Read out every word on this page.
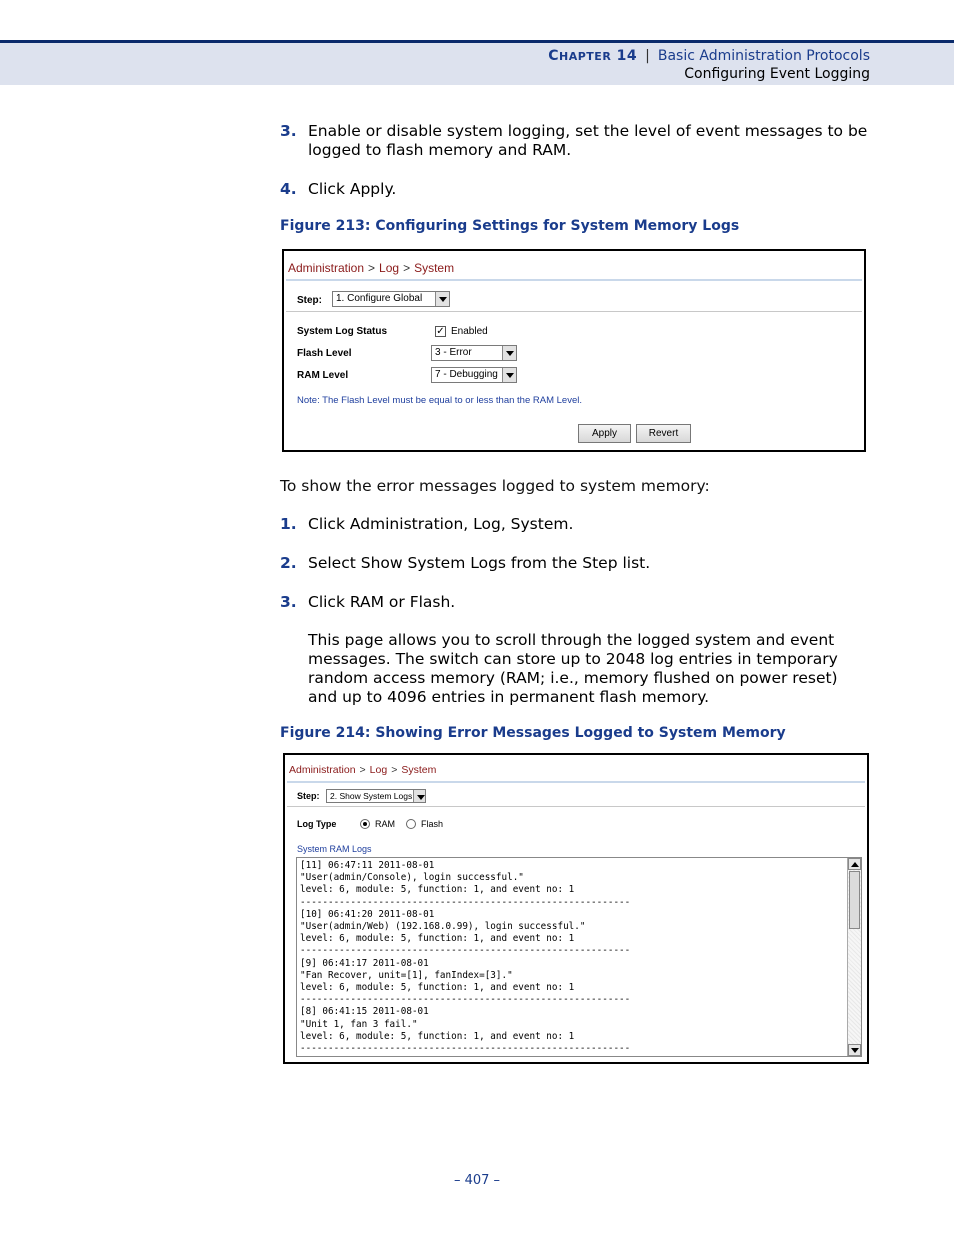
CHAPTER 14 | Basic Administration Protocols
Configuring Event Logging
3. Enable or disable system logging, set the level of event messages to be logged to flash memory and RAM.
4. Click Apply.
Figure 213: Configuring Settings for System Memory Logs
Administration > Log > System
Step:	1. Configure Global
System Log Status	✓ Enabled
Flash Level	3 - Error
RAM Level	7 - Debugging
Note: The Flash Level must be equal to or less than the RAM Level.
Apply	Revert
To show the error messages logged to system memory:
1. Click Administration, Log, System.
2. Select Show System Logs from the Step list.
3. Click RAM or Flash.
This page allows you to scroll through the logged system and event messages. The switch can store up to 2048 log entries in temporary random access memory (RAM; i.e., memory flushed on power reset) and up to 4096 entries in permanent flash memory.
Figure 214: Showing Error Messages Logged to System Memory
Administration > Log > System
Step:	2. Show System Logs
Log Type	RAM	Flash
System RAM Logs
[11] 06:47:11 2011-08-01
"User(admin/Console), login successful."
level: 6, module: 5, function: 1, and event no: 1
-----------------------------------------------------------
[10] 06:41:20 2011-08-01
"User(admin/Web) (192.168.0.99), login successful."
level: 6, module: 5, function: 1, and event no: 1
-----------------------------------------------------------
[9] 06:41:17 2011-08-01
"Fan Recover, unit=[1], fanIndex=[3]."
level: 6, module: 5, function: 1, and event no: 1
-----------------------------------------------------------
[8] 06:41:15 2011-08-01
"Unit 1, fan 3 fail."
level: 6, module: 5, function: 1, and event no: 1
-----------------------------------------------------------
– 407 –
